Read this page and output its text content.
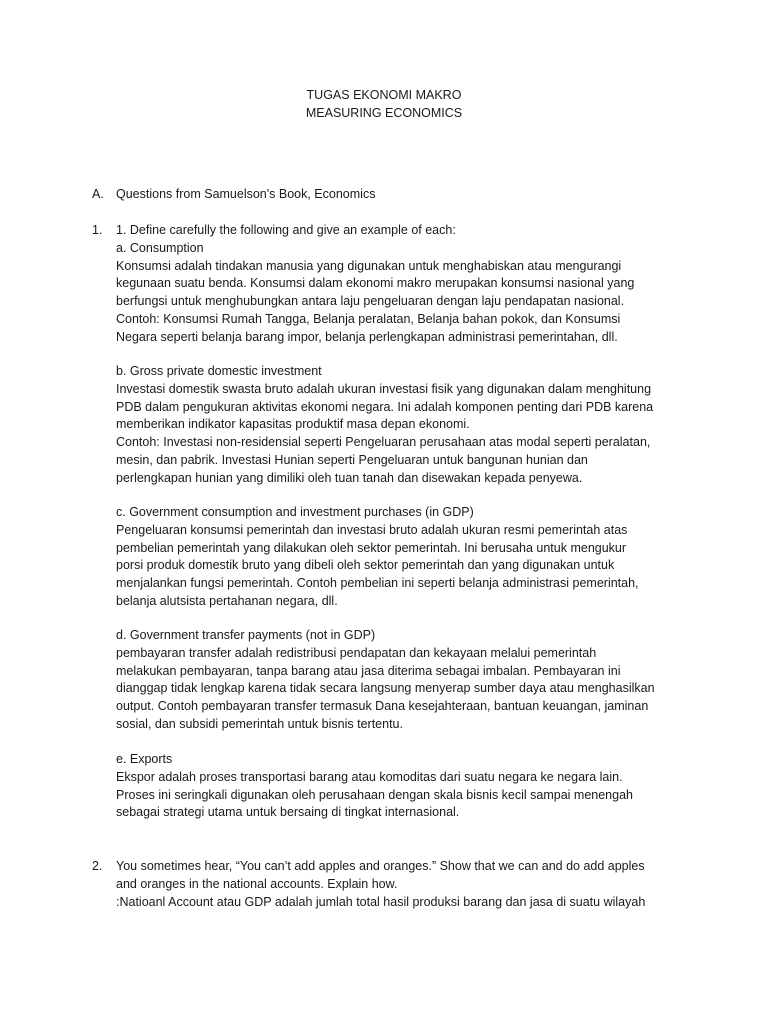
TUGAS EKONOMI MAKRO
MEASURING ECONOMICS
A. Questions from Samuelson's Book, Economics
1.	1. Define carefully the following and give an example of each:
a. Consumption
Konsumsi adalah tindakan manusia yang digunakan untuk menghabiskan atau mengurangi
kegunaan suatu benda. Konsumsi dalam ekonomi makro merupakan konsumsi nasional yang
berfungsi untuk menghubungkan antara laju pengeluaran dengan laju pendapatan nasional.
Contoh: Konsumsi Rumah Tangga, Belanja peralatan, Belanja bahan pokok, dan Konsumsi
Negara seperti belanja barang impor, belanja perlengkapan administrasi pemerintahan, dll.
b. Gross private domestic investment
Investasi domestik swasta bruto adalah ukuran investasi fisik yang digunakan dalam menghitung
PDB dalam pengukuran aktivitas ekonomi negara. Ini adalah komponen penting dari PDB karena
memberikan indikator kapasitas produktif masa depan ekonomi.
Contoh: Investasi non-residensial seperti Pengeluaran perusahaan atas modal seperti peralatan,
mesin, dan pabrik. Investasi Hunian seperti Pengeluaran untuk bangunan hunian dan
perlengkapan hunian yang dimiliki oleh tuan tanah dan disewakan kepada penyewa.
c. Government consumption and investment purchases (in GDP)
Pengeluaran konsumsi pemerintah dan investasi bruto adalah ukuran resmi pemerintah atas
pembelian pemerintah yang dilakukan oleh sektor pemerintah. Ini berusaha untuk mengukur
porsi produk domestik bruto yang dibeli oleh sektor pemerintah dan yang digunakan untuk
menjalankan fungsi pemerintah. Contoh pembelian ini seperti belanja administrasi pemerintah,
belanja alutsista pertahanan negara, dll.
d. Government transfer payments (not in GDP)
pembayaran transfer adalah redistribusi pendapatan dan kekayaan melalui pemerintah
melakukan pembayaran, tanpa barang atau jasa diterima sebagai imbalan. Pembayaran ini
dianggap tidak lengkap karena tidak secara langsung menyerap sumber daya atau menghasilkan
output. Contoh pembayaran transfer termasuk Dana kesejahteraan, bantuan keuangan, jaminan
sosial, dan subsidi pemerintah untuk bisnis tertentu.
e. Exports
Ekspor adalah proses transportasi barang atau komoditas dari suatu negara ke negara lain.
Proses ini seringkali digunakan oleh perusahaan dengan skala bisnis kecil sampai menengah
sebagai strategi utama untuk bersaing di tingkat internasional.
2.	You sometimes hear, “You can’t add apples and oranges.” Show that we can and do add apples
and oranges in the national accounts. Explain how.
:Natioanl Account atau GDP adalah jumlah total hasil produksi barang dan jasa di suatu wilayah
